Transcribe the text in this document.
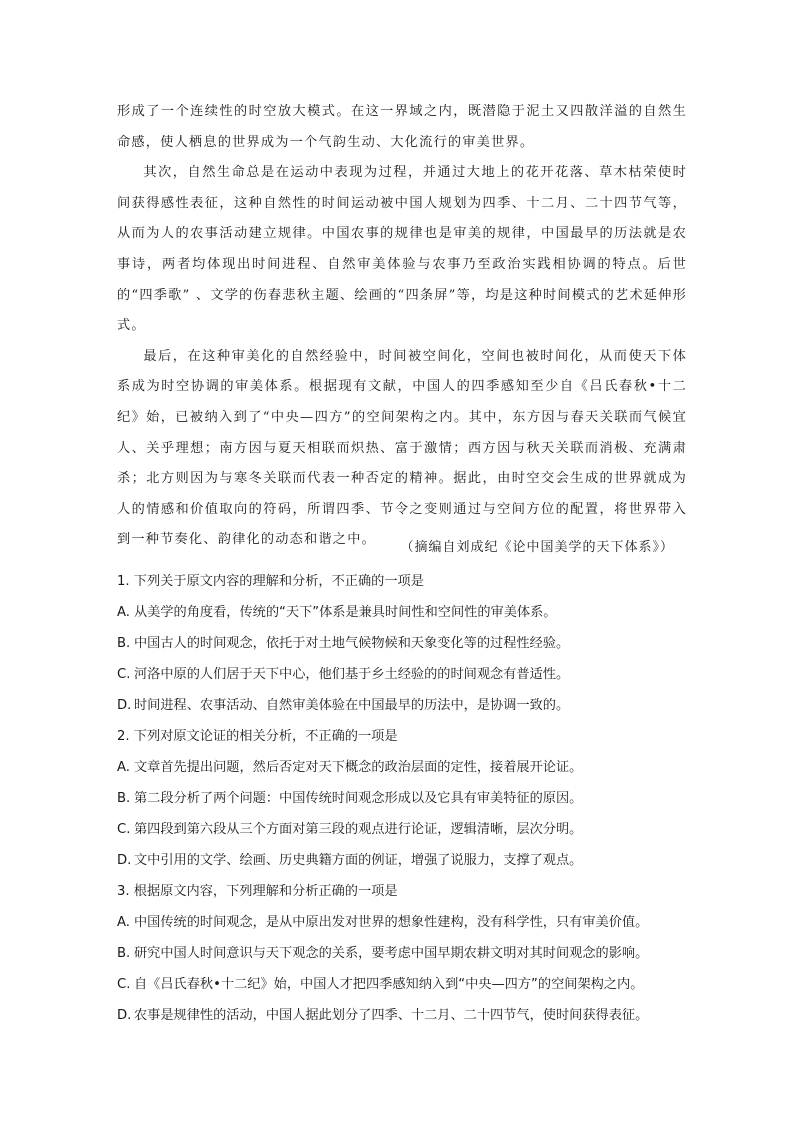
形成了一个连续性的时空放大模式。在这一界域之内，既潜隐于泥土又四散洋溢的自然生命感，使人栖息的世界成为一个气韵生动、大化流行的审美世界。

其次，自然生命总是在运动中表现为过程，并通过大地上的花开花落、草木枯荣使时间获得感性表征，这种自然性的时间运动被中国人规划为四季、十二月、二十四节气等，从而为人的农事活动建立规律。中国农事的规律也是审美的规律，中国最早的历法就是农事诗，两者均体现出时间进程、自然审美体验与农事乃至政治实践相协调的特点。后世的“四季歌” 、文学的伤春悲秋主题、绘画的“四条屏”等，均是这种时间模式的艺术延伸形式。

最后，在这种审美化的自然经验中，时间被空间化，空间也被时间化，从而使天下体系成为时空协调的审美体系。根据现有文献，中国人的四季感知至少自《吕氏春秋•十二纪》始，已被纳入到了“中央—四方”的空间架构之内。其中，东方因与春天关联而气候宜人、关乎理想；南方因与夏天相联而炽热、富于激情；西方因与秋天关联而消极、充满肃杀；北方则因为与寒冬关联而代表一种否定的精神。据此，由时空交会生成的世界就成为人的情感和价值取向的符码，所谓四季、节令之变则通过与空间方位的配置，将世界带入到一种节奏化、韵律化的动态和谐之中。

（摘编自刘成纪《论中国美学的天下体系》）
1. 下列关于原文内容的理解和分析，不正确的一项是
A. 从美学的角度看，传统的“天下”体系是兼具时间性和空间性的审美体系。
B. 中国古人的时间观念，依托于对土地气候物候和天象变化等的过程性经验。
C. 河洛中原的人们居于天下中心，他们基于乡土经验的的时间观念有普适性。
D. 时间进程、农事活动、自然审美体验在中国最早的历法中，是协调一致的。
2. 下列对原文论证的相关分析，不正确的一项是
A. 文章首先提出问题，然后否定对天下概念的政治层面的定性，接着展开论证。
B. 第二段分析了两个问题：中国传统时间观念形成以及它具有审美特征的原因。
C. 第四段到第六段从三个方面对第三段的观点进行论证，逻辑清晰，层次分明。
D. 文中引用的文学、绘画、历史典籍方面的例证，增强了说服力，支撑了观点。
3. 根据原文内容，下列理解和分析正确的一项是
A. 中国传统的时间观念，是从中原出发对世界的想象性建构，没有科学性，只有审美价值。
B. 研究中国人时间意识与天下观念的关系，要考虑中国早期农耕文明对其时间观念的影响。
C. 自《吕氏春秋•十二纪》始，中国人才把四季感知纳入到“中央—四方”的空间架构之内。
D. 农事是规律性的活动，中国人据此划分了四季、十二月、二十四节气，使时间获得表征。
